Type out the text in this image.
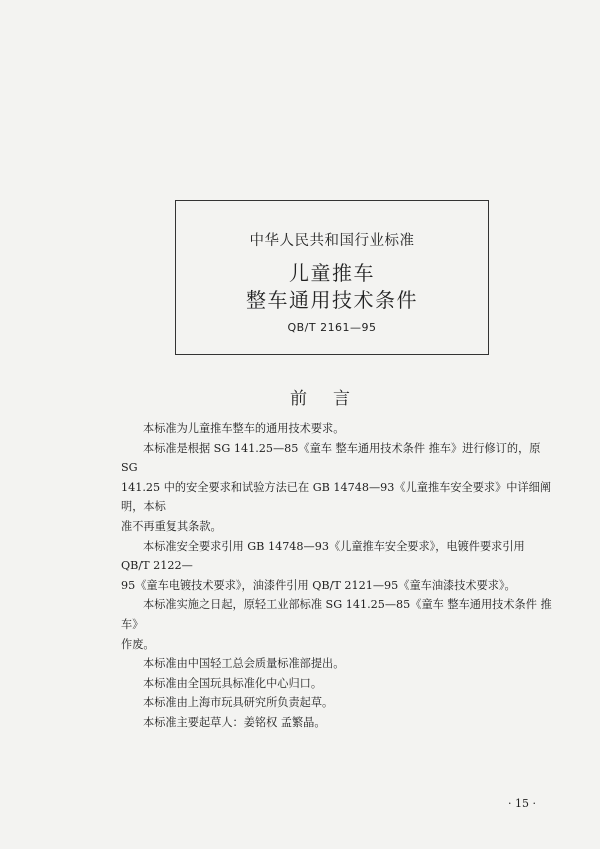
中华人民共和国行业标准
儿童推车
整车通用技术条件
QB/T 2161—95
前言

本标准为儿童推车整车的通用技术要求。

本标准是根据 SG 141.25—85《童车 整车通用技术条件 推车》进行修订的，原 SG

141.25 中的安全要求和试验方法已在 GB 14748—93《儿童推车安全要求》中详细阐明，本标

准不再重复其条款。

本标准安全要求引用 GB 14748—93《儿童推车安全要求》，电镀件要求引用 QB/T 2122—

95《童车电镀技术要求》，油漆件引用 QB/T 2121—95《童车油漆技术要求》。

本标准实施之日起，原轻工业部标准 SG 141.25—85《童车 整车通用技术条件 推车》

作废。

本标准由中国轻工总会质量标准部提出。

本标准由全国玩具标准化中心归口。

本标准由上海市玩具研究所负责起草。

本标准主要起草人：姜铭权 孟繁晶。

· 15 ·
